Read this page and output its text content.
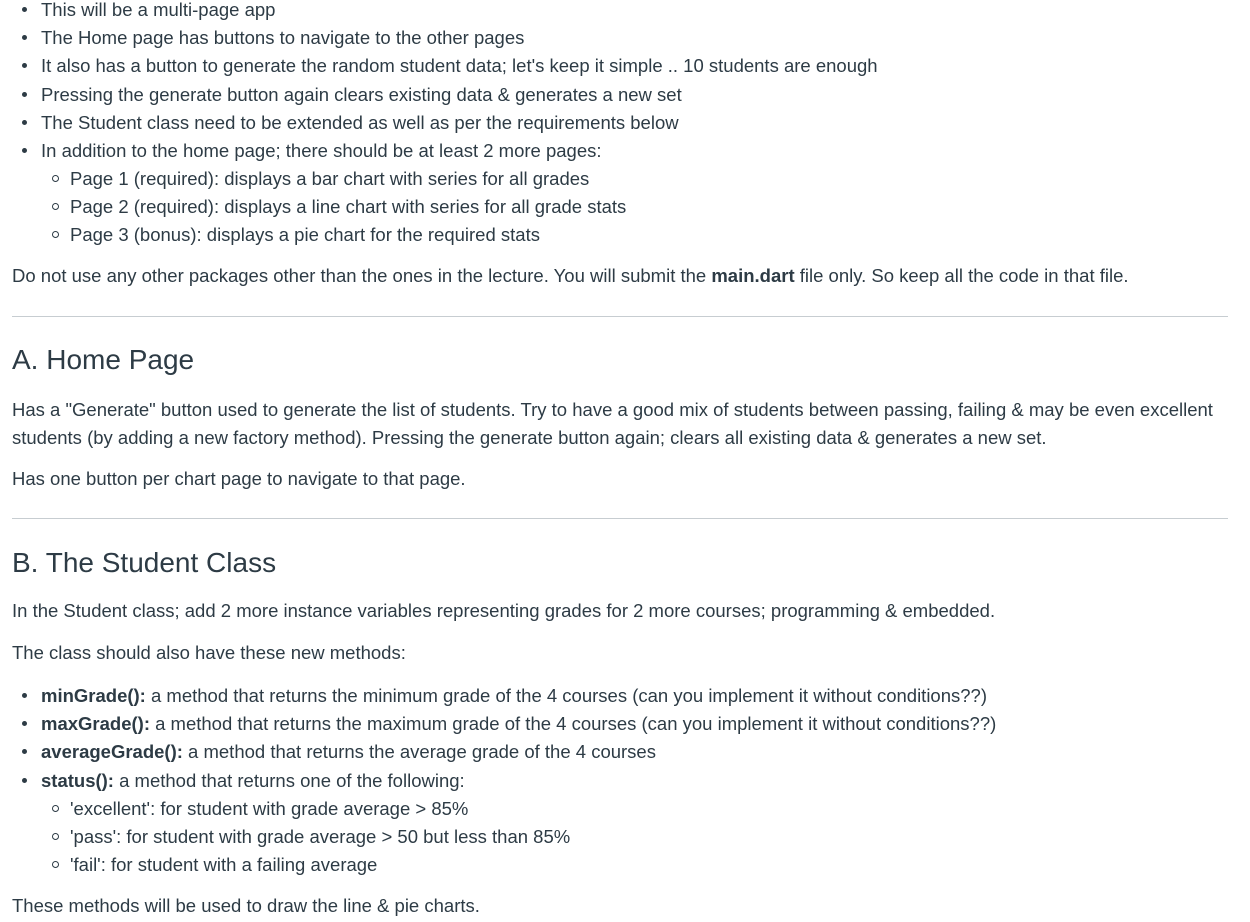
This will be a multi-page app
The Home page has buttons to navigate to the other pages
It also has a button to generate the random student data; let's keep it simple .. 10 students are enough
Pressing the generate button again clears existing data & generates a new set
The Student class need to be extended as well as per the requirements below
In addition to the home page; there should be at least 2 more pages:
Page 1 (required): displays a bar chart with series for all grades
Page 2 (required): displays a line chart with series for all grade stats
Page 3 (bonus): displays a pie chart for the required stats

Do not use any other packages other than the ones in the lecture. You will submit the main.dart file only. So keep all the code in that file.

A. Home Page

Has a "Generate" button used to generate the list of students. Try to have a good mix of students between passing, failing & may be even excellent students (by adding a new factory method). Pressing the generate button again; clears all existing data & generates a new set.

Has one button per chart page to navigate to that page.

B. The Student Class

In the Student class; add 2 more instance variables representing grades for 2 more courses; programming & embedded.

The class should also have these new methods:

minGrade(): a method that returns the minimum grade of the 4 courses (can you implement it without conditions??)
maxGrade(): a method that returns the maximum grade of the 4 courses (can you implement it without conditions??)
averageGrade(): a method that returns the average grade of the 4 courses
status(): a method that returns one of the following:
'excellent': for student with grade average > 85%
'pass': for student with grade average > 50 but less than 85%
'fail': for student with a failing average

These methods will be used to draw the line & pie charts.
